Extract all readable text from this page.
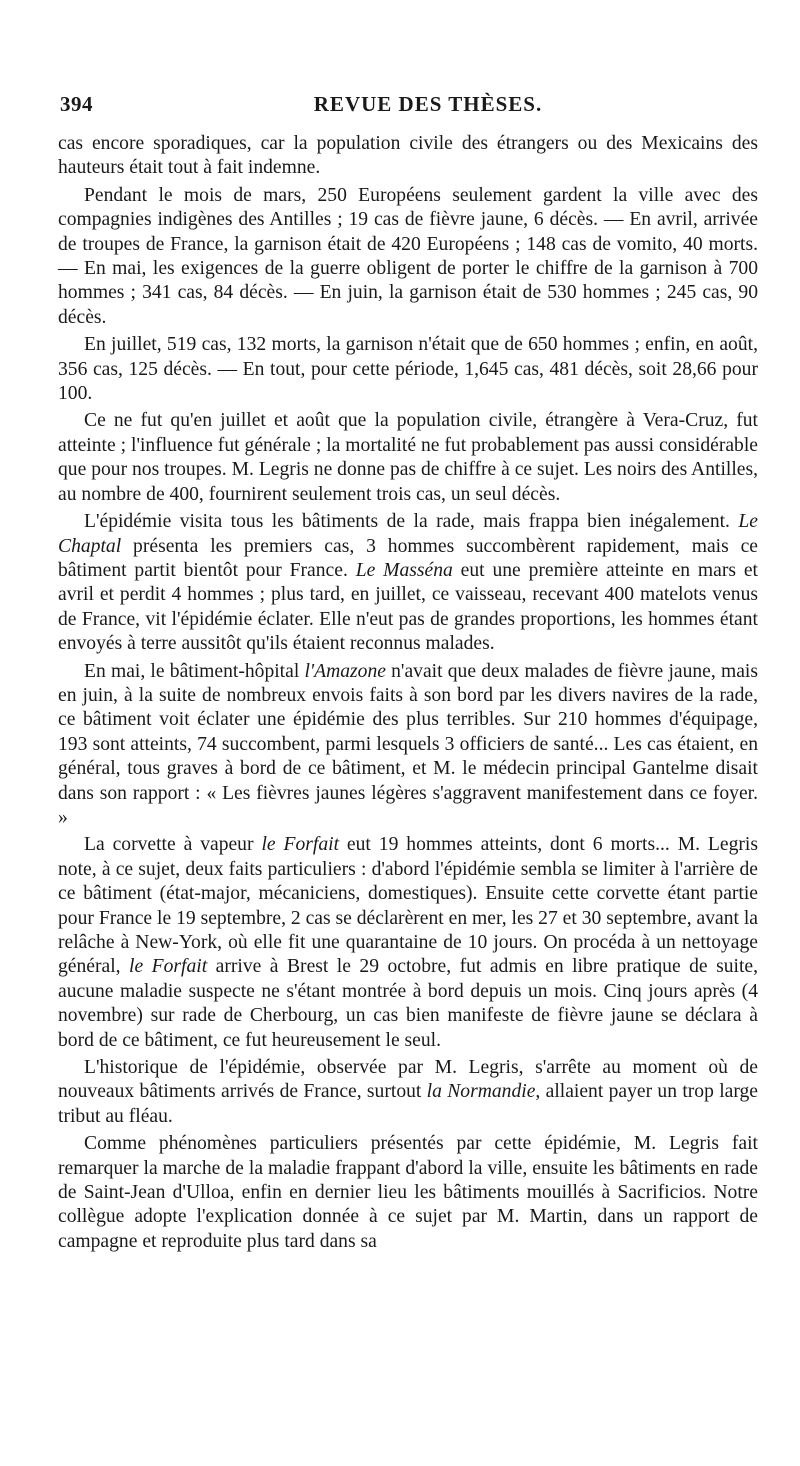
394	REVUE DES THÈSES.

cas encore sporadiques, car la population civile des étrangers ou des Mexicains des hauteurs était tout à fait indemne.

Pendant le mois de mars, 250 Européens seulement gardent la ville avec des compagnies indigènes des Antilles ; 19 cas de fièvre jaune, 6 décès. — En avril, arrivée de troupes de France, la garnison était de 420 Européens ; 148 cas de vomito, 40 morts. — En mai, les exigences de la guerre obligent de porter le chiffre de la garnison à 700 hommes ; 341 cas, 84 décès. — En juin, la garnison était de 530 hommes ; 245 cas, 90 décès.

En juillet, 519 cas, 132 morts, la garnison n'était que de 650 hommes ; enfin, en août, 356 cas, 125 décès. — En tout, pour cette période, 1,645 cas, 481 décès, soit 28,66 pour 100.

Ce ne fut qu'en juillet et août que la population civile, étrangère à Vera-Cruz, fut atteinte ; l'influence fut générale ; la mortalité ne fut probablement pas aussi considérable que pour nos troupes. M. Legris ne donne pas de chiffre à ce sujet. Les noirs des Antilles, au nombre de 400, fournirent seulement trois cas, un seul décès.

L'épidémie visita tous les bâtiments de la rade, mais frappa bien inégalement. Le Chaptal présenta les premiers cas, 3 hommes succombèrent rapidement, mais ce bâtiment partit bientôt pour France. Le Masséna eut une première atteinte en mars et avril et perdit 4 hommes ; plus tard, en juillet, ce vaisseau, recevant 400 matelots venus de France, vit l'épidémie éclater. Elle n'eut pas de grandes proportions, les hommes étant envoyés à terre aussitôt qu'ils étaient reconnus malades.

En mai, le bâtiment-hôpital l'Amazone n'avait que deux malades de fièvre jaune, mais en juin, à la suite de nombreux envois faits à son bord par les divers navires de la rade, ce bâtiment voit éclater une épidémie des plus terribles. Sur 210 hommes d'équipage, 193 sont atteints, 74 succombent, parmi lesquels 3 officiers de santé... Les cas étaient, en général, tous graves à bord de ce bâtiment, et M. le médecin principal Gantelme disait dans son rapport : « Les fièvres jaunes légères s'aggravent manifestement dans ce foyer. »

La corvette à vapeur le Forfait eut 19 hommes atteints, dont 6 morts... M. Legris note, à ce sujet, deux faits particuliers : d'abord l'épidémie sembla se limiter à l'arrière de ce bâtiment (état-major, mécaniciens, domestiques). Ensuite cette corvette étant partie pour France le 19 septembre, 2 cas se déclarèrent en mer, les 27 et 30 septembre, avant la relâche à New-York, où elle fit une quarantaine de 10 jours. On procéda à un nettoyage général, le Forfait arrive à Brest le 29 octobre, fut admis en libre pratique de suite, aucune maladie suspecte ne s'étant montrée à bord depuis un mois. Cinq jours après (4 novembre) sur rade de Cherbourg, un cas bien manifeste de fièvre jaune se déclara à bord de ce bâtiment, ce fut heureusement le seul.

L'historique de l'épidémie, observée par M. Legris, s'arrête au moment où de nouveaux bâtiments arrivés de France, surtout la Normandie, allaient payer un trop large tribut au fléau.

Comme phénomènes particuliers présentés par cette épidémie, M. Legris fait remarquer la marche de la maladie frappant d'abord la ville, ensuite les bâtiments en rade de Saint-Jean d'Ulloa, enfin en dernier lieu les bâtiments mouillés à Sacrificios. Notre collègue adopte l'explication donnée à ce sujet par M. Martin, dans un rapport de campagne et reproduite plus tard dans sa
